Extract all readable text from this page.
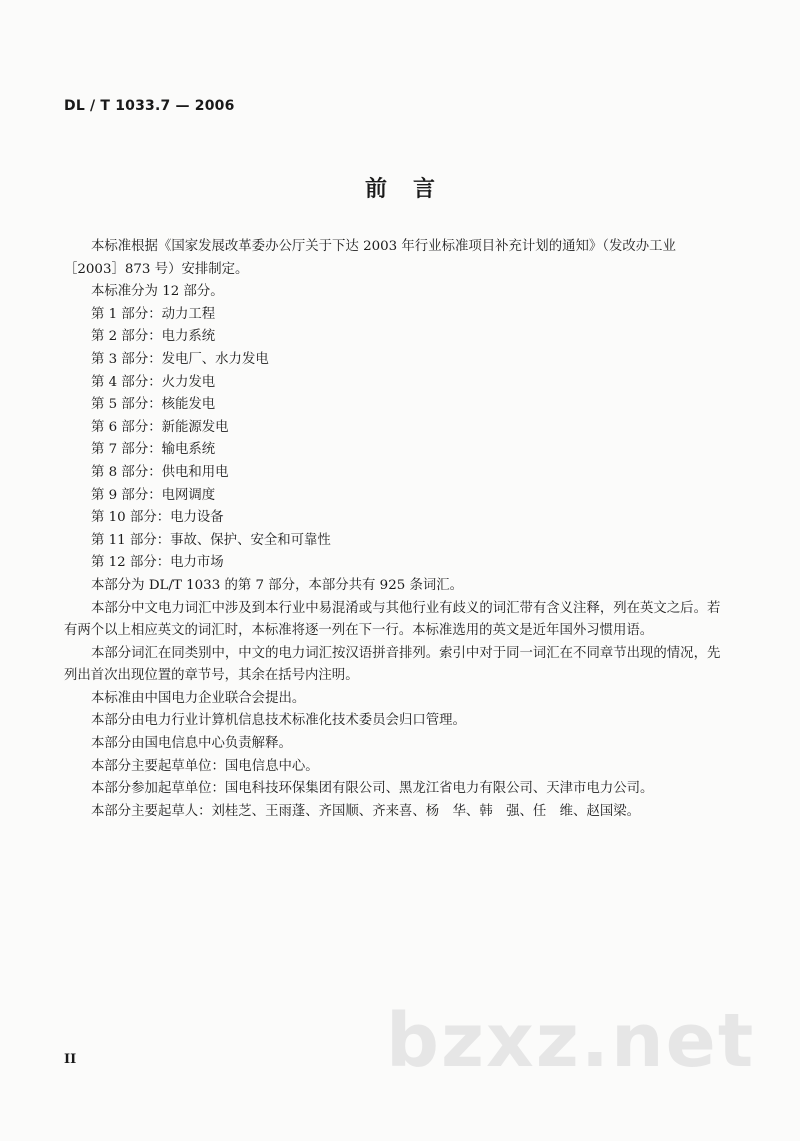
DL / T 1033.7 — 2006
前言

本标准根据《国家发展改革委办公厅关于下达 2003 年行业标准项目补充计划的通知》（发改办工业［2003］873 号）安排制定。

本标准分为 12 部分。

第 1 部分：动力工程

第 2 部分：电力系统

第 3 部分：发电厂、水力发电

第 4 部分：火力发电

第 5 部分：核能发电

第 6 部分：新能源发电

第 7 部分：输电系统

第 8 部分：供电和用电

第 9 部分：电网调度

第 10 部分：电力设备

第 11 部分：事故、保护、安全和可靠性

第 12 部分：电力市场

本部分为 DL/T 1033 的第 7 部分，本部分共有 925 条词汇。

本部分中文电力词汇中涉及到本行业中易混淆或与其他行业有歧义的词汇带有含义注释，列在英文之后。若有两个以上相应英文的词汇时，本标准将逐一列在下一行。本标准选用的英文是近年国外习惯用语。

本部分词汇在同类别中，中文的电力词汇按汉语拼音排列。索引中对于同一词汇在不同章节出现的情况，先列出首次出现位置的章节号，其余在括号内注明。

本标准由中国电力企业联合会提出。

本部分由电力行业计算机信息技术标准化技术委员会归口管理。

本部分由国电信息中心负责解释。

本部分主要起草单位：国电信息中心。

本部分参加起草单位：国电科技环保集团有限公司、黑龙江省电力有限公司、天津市电力公司。

本部分主要起草人：刘桂芝、王雨蓬、齐国顺、齐来喜、杨　华、韩　强、任　维、赵国梁。

bzxz.net
II
